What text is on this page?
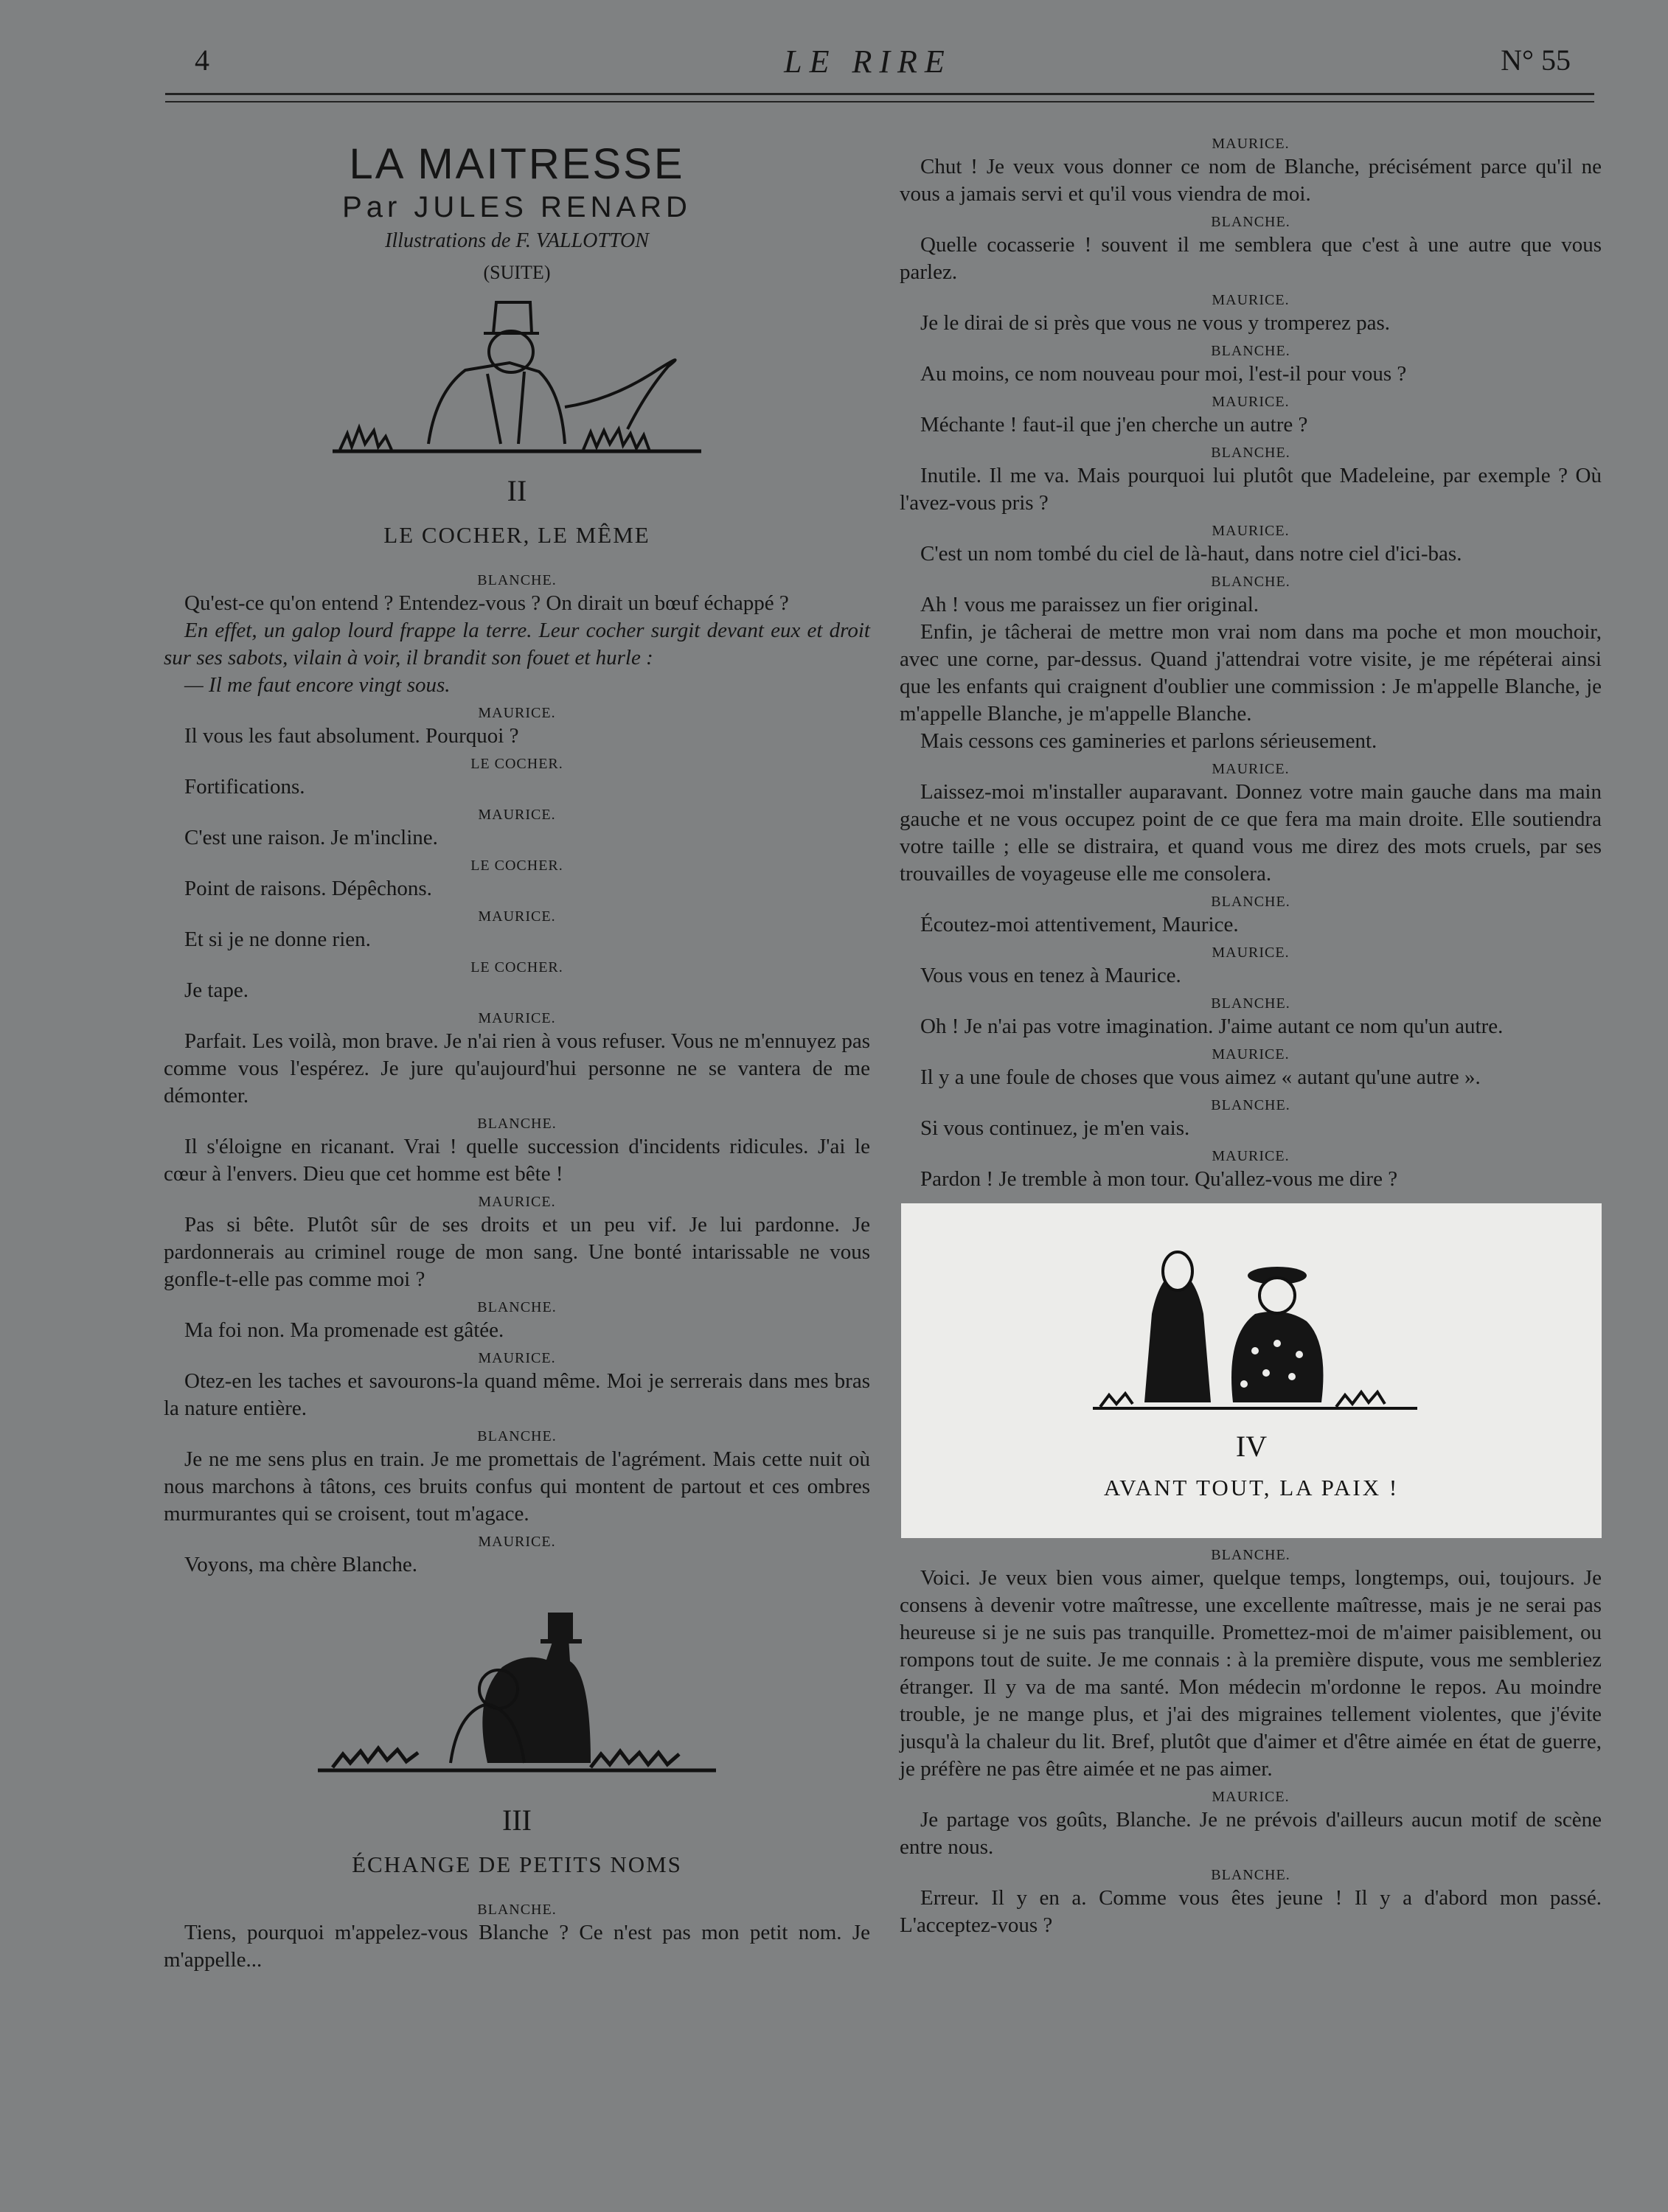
4	LE RIRE	N° 55
LA MAITRESSE
Par JULES RENARD
Illustrations de F. VALLOTTON
(SUITE)
II
LE COCHER, LE MÊME
BLANCHE.

Qu'est-ce qu'on entend ? Entendez-vous ? On dirait un bœuf échappé ?

En effet, un galop lourd frappe la terre. Leur cocher surgit devant eux et droit sur ses sabots, vilain à voir, il brandit son fouet et hurle :

— Il me faut encore vingt sous.

MAURICE.

Il vous les faut absolument. Pourquoi ?

LE COCHER.

Fortifications.

MAURICE.

C'est une raison. Je m'incline.

LE COCHER.

Point de raisons. Dépêchons.

MAURICE.

Et si je ne donne rien.

LE COCHER.

Je tape.

MAURICE.

Parfait. Les voilà, mon brave. Je n'ai rien à vous refuser. Vous ne m'ennuyez pas comme vous l'espérez. Je jure qu'aujourd'hui personne ne se vantera de me démonter.

BLANCHE.

Il s'éloigne en ricanant. Vrai ! quelle succession d'incidents ridicules. J'ai le cœur à l'envers. Dieu que cet homme est bête !

MAURICE.

Pas si bête. Plutôt sûr de ses droits et un peu vif. Je lui pardonne. Je pardonnerais au criminel rouge de mon sang. Une bonté intarissable ne vous gonfle-t-elle pas comme moi ?

BLANCHE.

Ma foi non. Ma promenade est gâtée.

MAURICE.

Otez-en les taches et savourons-la quand même. Moi je serrerais dans mes bras la nature entière.

BLANCHE.

Je ne me sens plus en train. Je me promettais de l'agrément. Mais cette nuit où nous marchons à tâtons, ces bruits confus qui montent de partout et ces ombres murmurantes qui se croisent, tout m'agace.

MAURICE.

Voyons, ma chère Blanche.

III
ÉCHANGE DE PETITS NOMS
BLANCHE.

Tiens, pourquoi m'appelez-vous Blanche ? Ce n'est pas mon petit nom. Je m'appelle...

MAURICE.

Chut ! Je veux vous donner ce nom de Blanche, précisément parce qu'il ne vous a jamais servi et qu'il vous viendra de moi.

BLANCHE.

Quelle cocasserie ! souvent il me semblera que c'est à une autre que vous parlez.

MAURICE.

Je le dirai de si près que vous ne vous y tromperez pas.

BLANCHE.

Au moins, ce nom nouveau pour moi, l'est-il pour vous ?

MAURICE.

Méchante ! faut-il que j'en cherche un autre ?

BLANCHE.

Inutile. Il me va. Mais pourquoi lui plutôt que Madeleine, par exemple ? Où l'avez-vous pris ?

MAURICE.

C'est un nom tombé du ciel de là-haut, dans notre ciel d'ici-bas.

BLANCHE.

Ah ! vous me paraissez un fier original.

Enfin, je tâcherai de mettre mon vrai nom dans ma poche et mon mouchoir, avec une corne, par-dessus. Quand j'attendrai votre visite, je me répéterai ainsi que les enfants qui craignent d'oublier une commission : Je m'appelle Blanche, je m'appelle Blanche, je m'appelle Blanche.

Mais cessons ces gamineries et parlons sérieusement.

MAURICE.

Laissez-moi m'installer auparavant. Donnez votre main gauche dans ma main gauche et ne vous occupez point de ce que fera ma main droite. Elle soutiendra votre taille ; elle se distraira, et quand vous me direz des mots cruels, par ses trouvailles de voyageuse elle me consolera.

BLANCHE.

Écoutez-moi attentivement, Maurice.

MAURICE.

Vous vous en tenez à Maurice.

BLANCHE.

Oh ! Je n'ai pas votre imagination. J'aime autant ce nom qu'un autre.

MAURICE.

Il y a une foule de choses que vous aimez « autant qu'une autre ».

BLANCHE.

Si vous continuez, je m'en vais.

MAURICE.

Pardon ! Je tremble à mon tour. Qu'allez-vous me dire ?

IV
AVANT TOUT, LA PAIX !
BLANCHE.

Voici. Je veux bien vous aimer, quelque temps, longtemps, oui, toujours. Je consens à devenir votre maîtresse, une excellente maîtresse, mais je ne serai pas heureuse si je ne suis pas tranquille. Promettez-moi de m'aimer paisiblement, ou rompons tout de suite. Je me connais : à la première dispute, vous me sembleriez étranger. Il y va de ma santé. Mon médecin m'ordonne le repos. Au moindre trouble, je ne mange plus, et j'ai des migraines tellement violentes, que j'évite jusqu'à la chaleur du lit. Bref, plutôt que d'aimer et d'être aimée en état de guerre, je préfère ne pas être aimée et ne pas aimer.

MAURICE.

Je partage vos goûts, Blanche. Je ne prévois d'ailleurs aucun motif de scène entre nous.

BLANCHE.

Erreur. Il y en a. Comme vous êtes jeune ! Il y a d'abord mon passé. L'acceptez-vous ?
